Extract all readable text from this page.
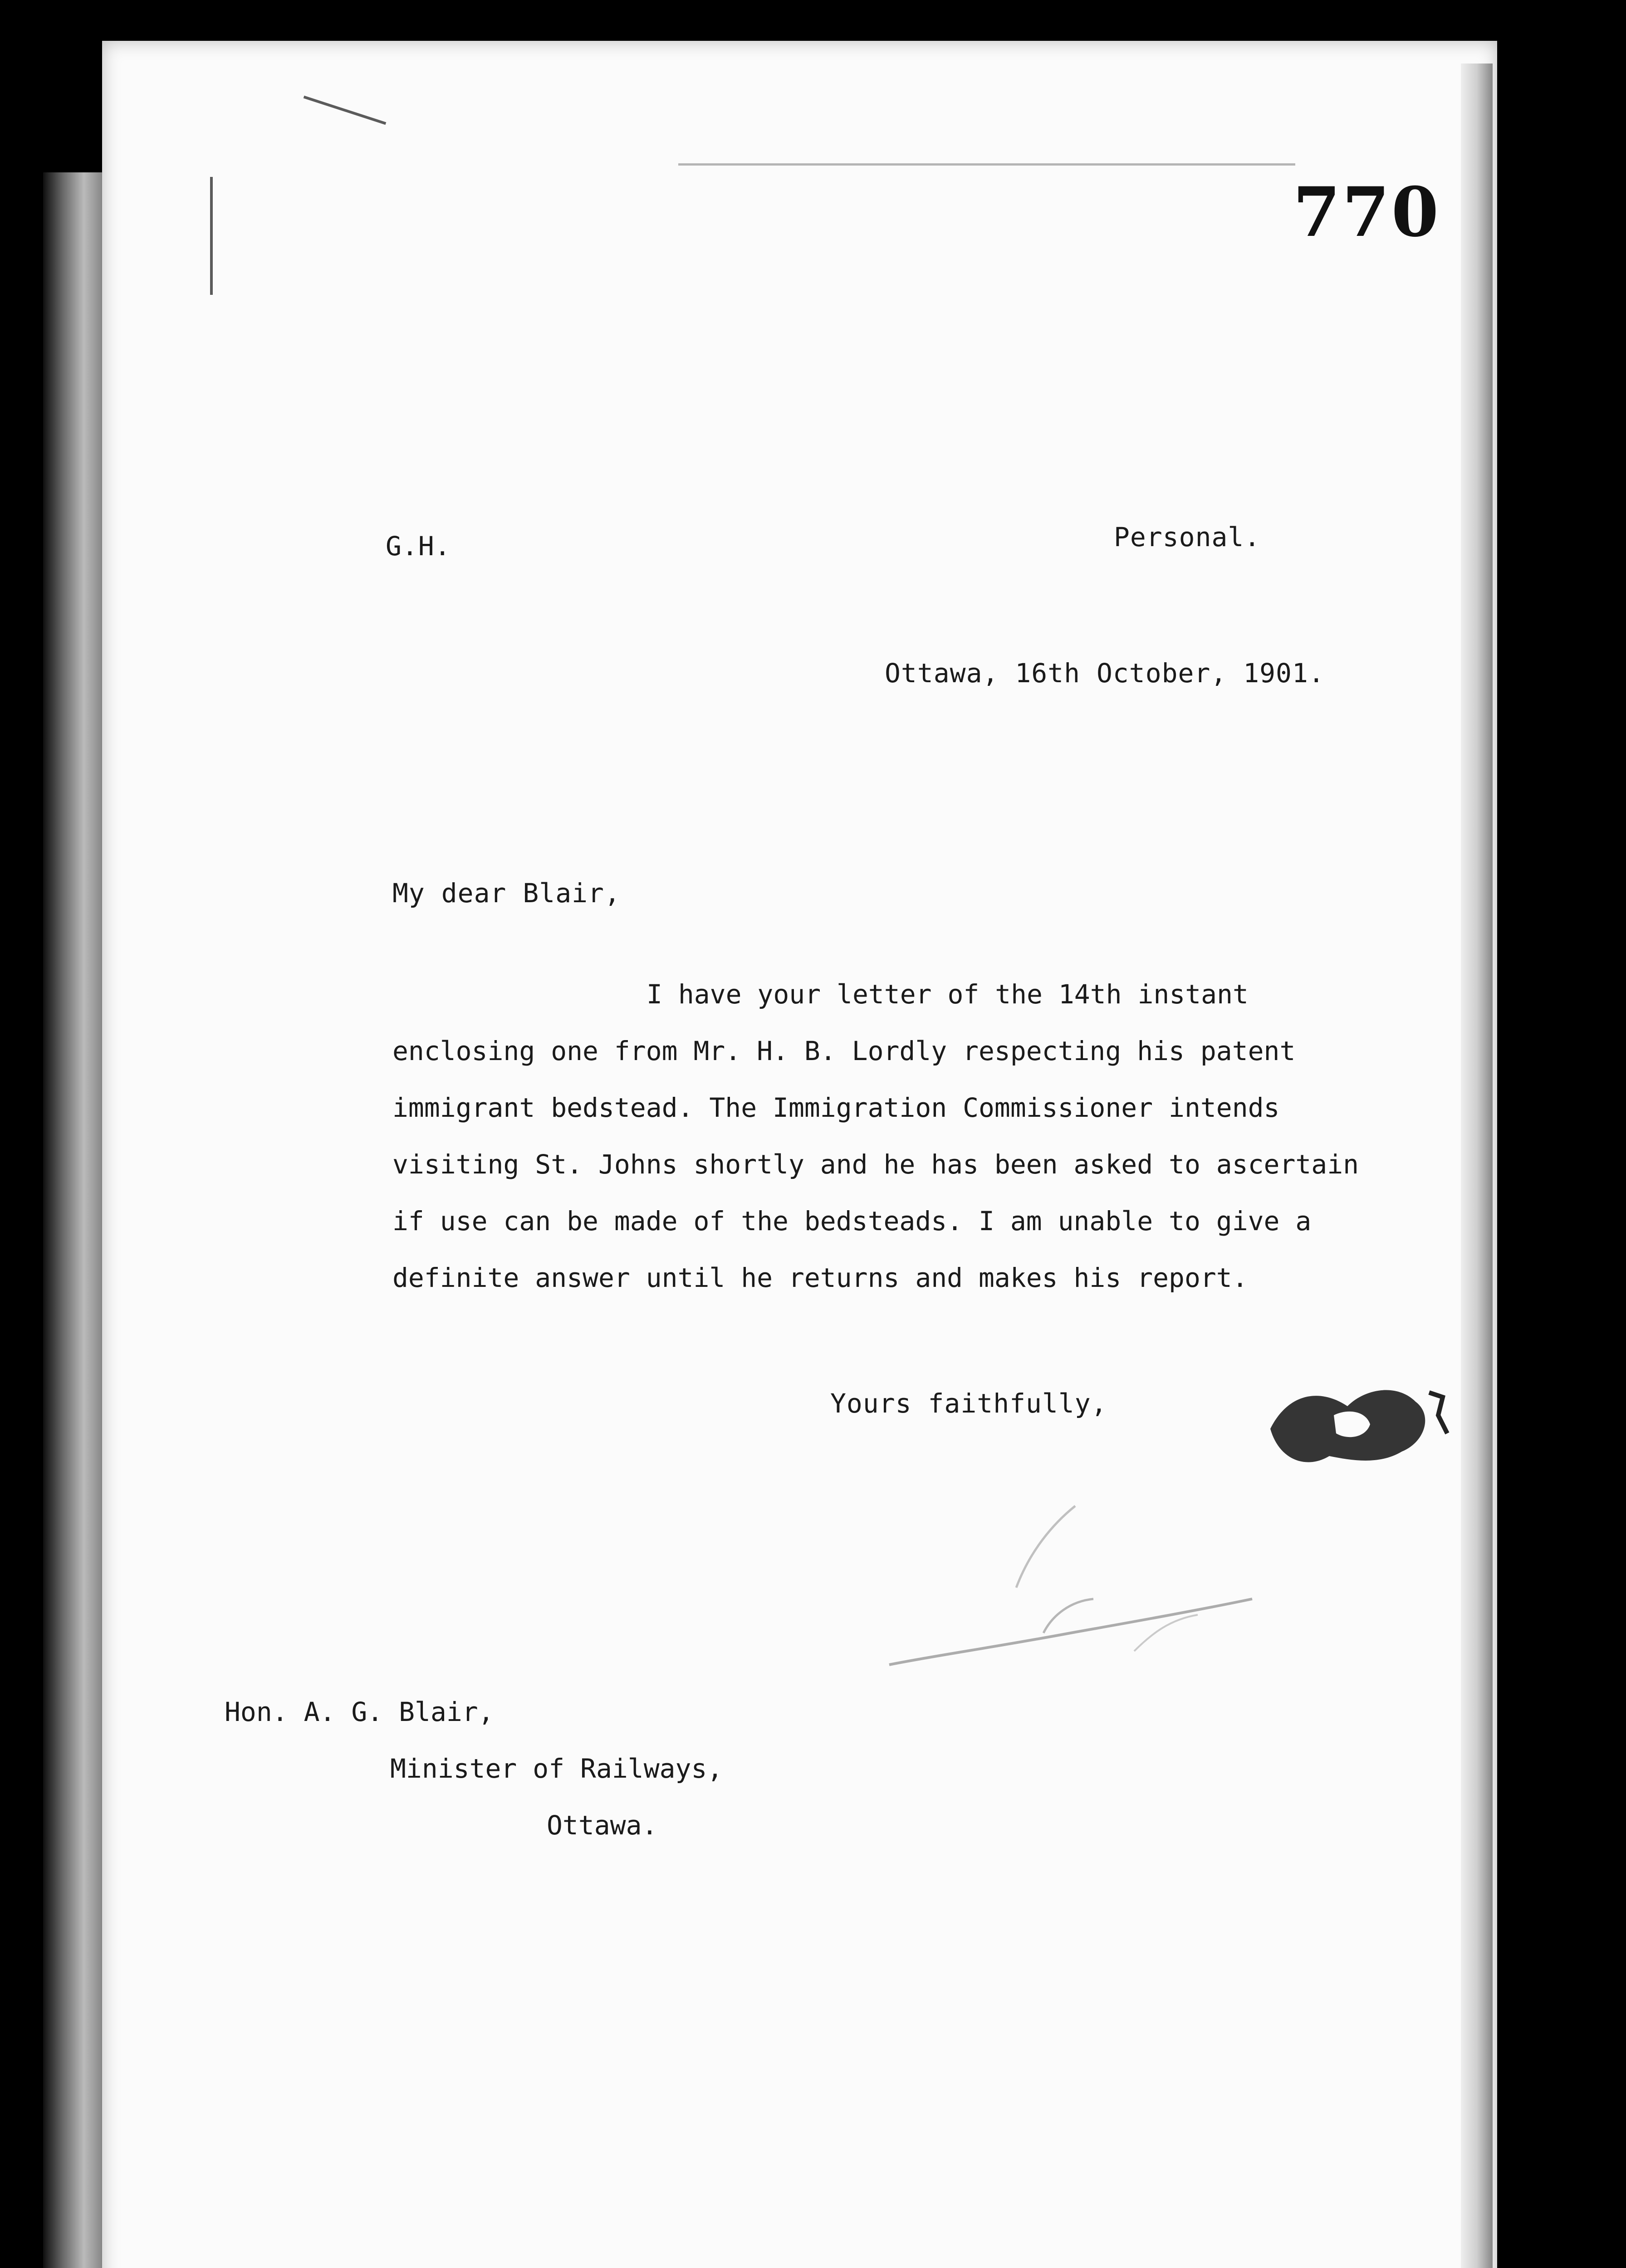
770
G.H.	Personal.
Ottawa, 16th October, 1901.
My dear Blair,
I have your letter of the 14th instant enclosing one from Mr. H. B. Lordly respecting his patent immigrant bedstead. The Immigration Commissioner intends visiting St. Johns shortly and he has been asked to ascertain if use can be made of the bedsteads. I am unable to give a definite answer until he returns and makes his report.
Yours faithfully,
Hon. A. G. Blair,
Minister of Railways,
Ottawa.
